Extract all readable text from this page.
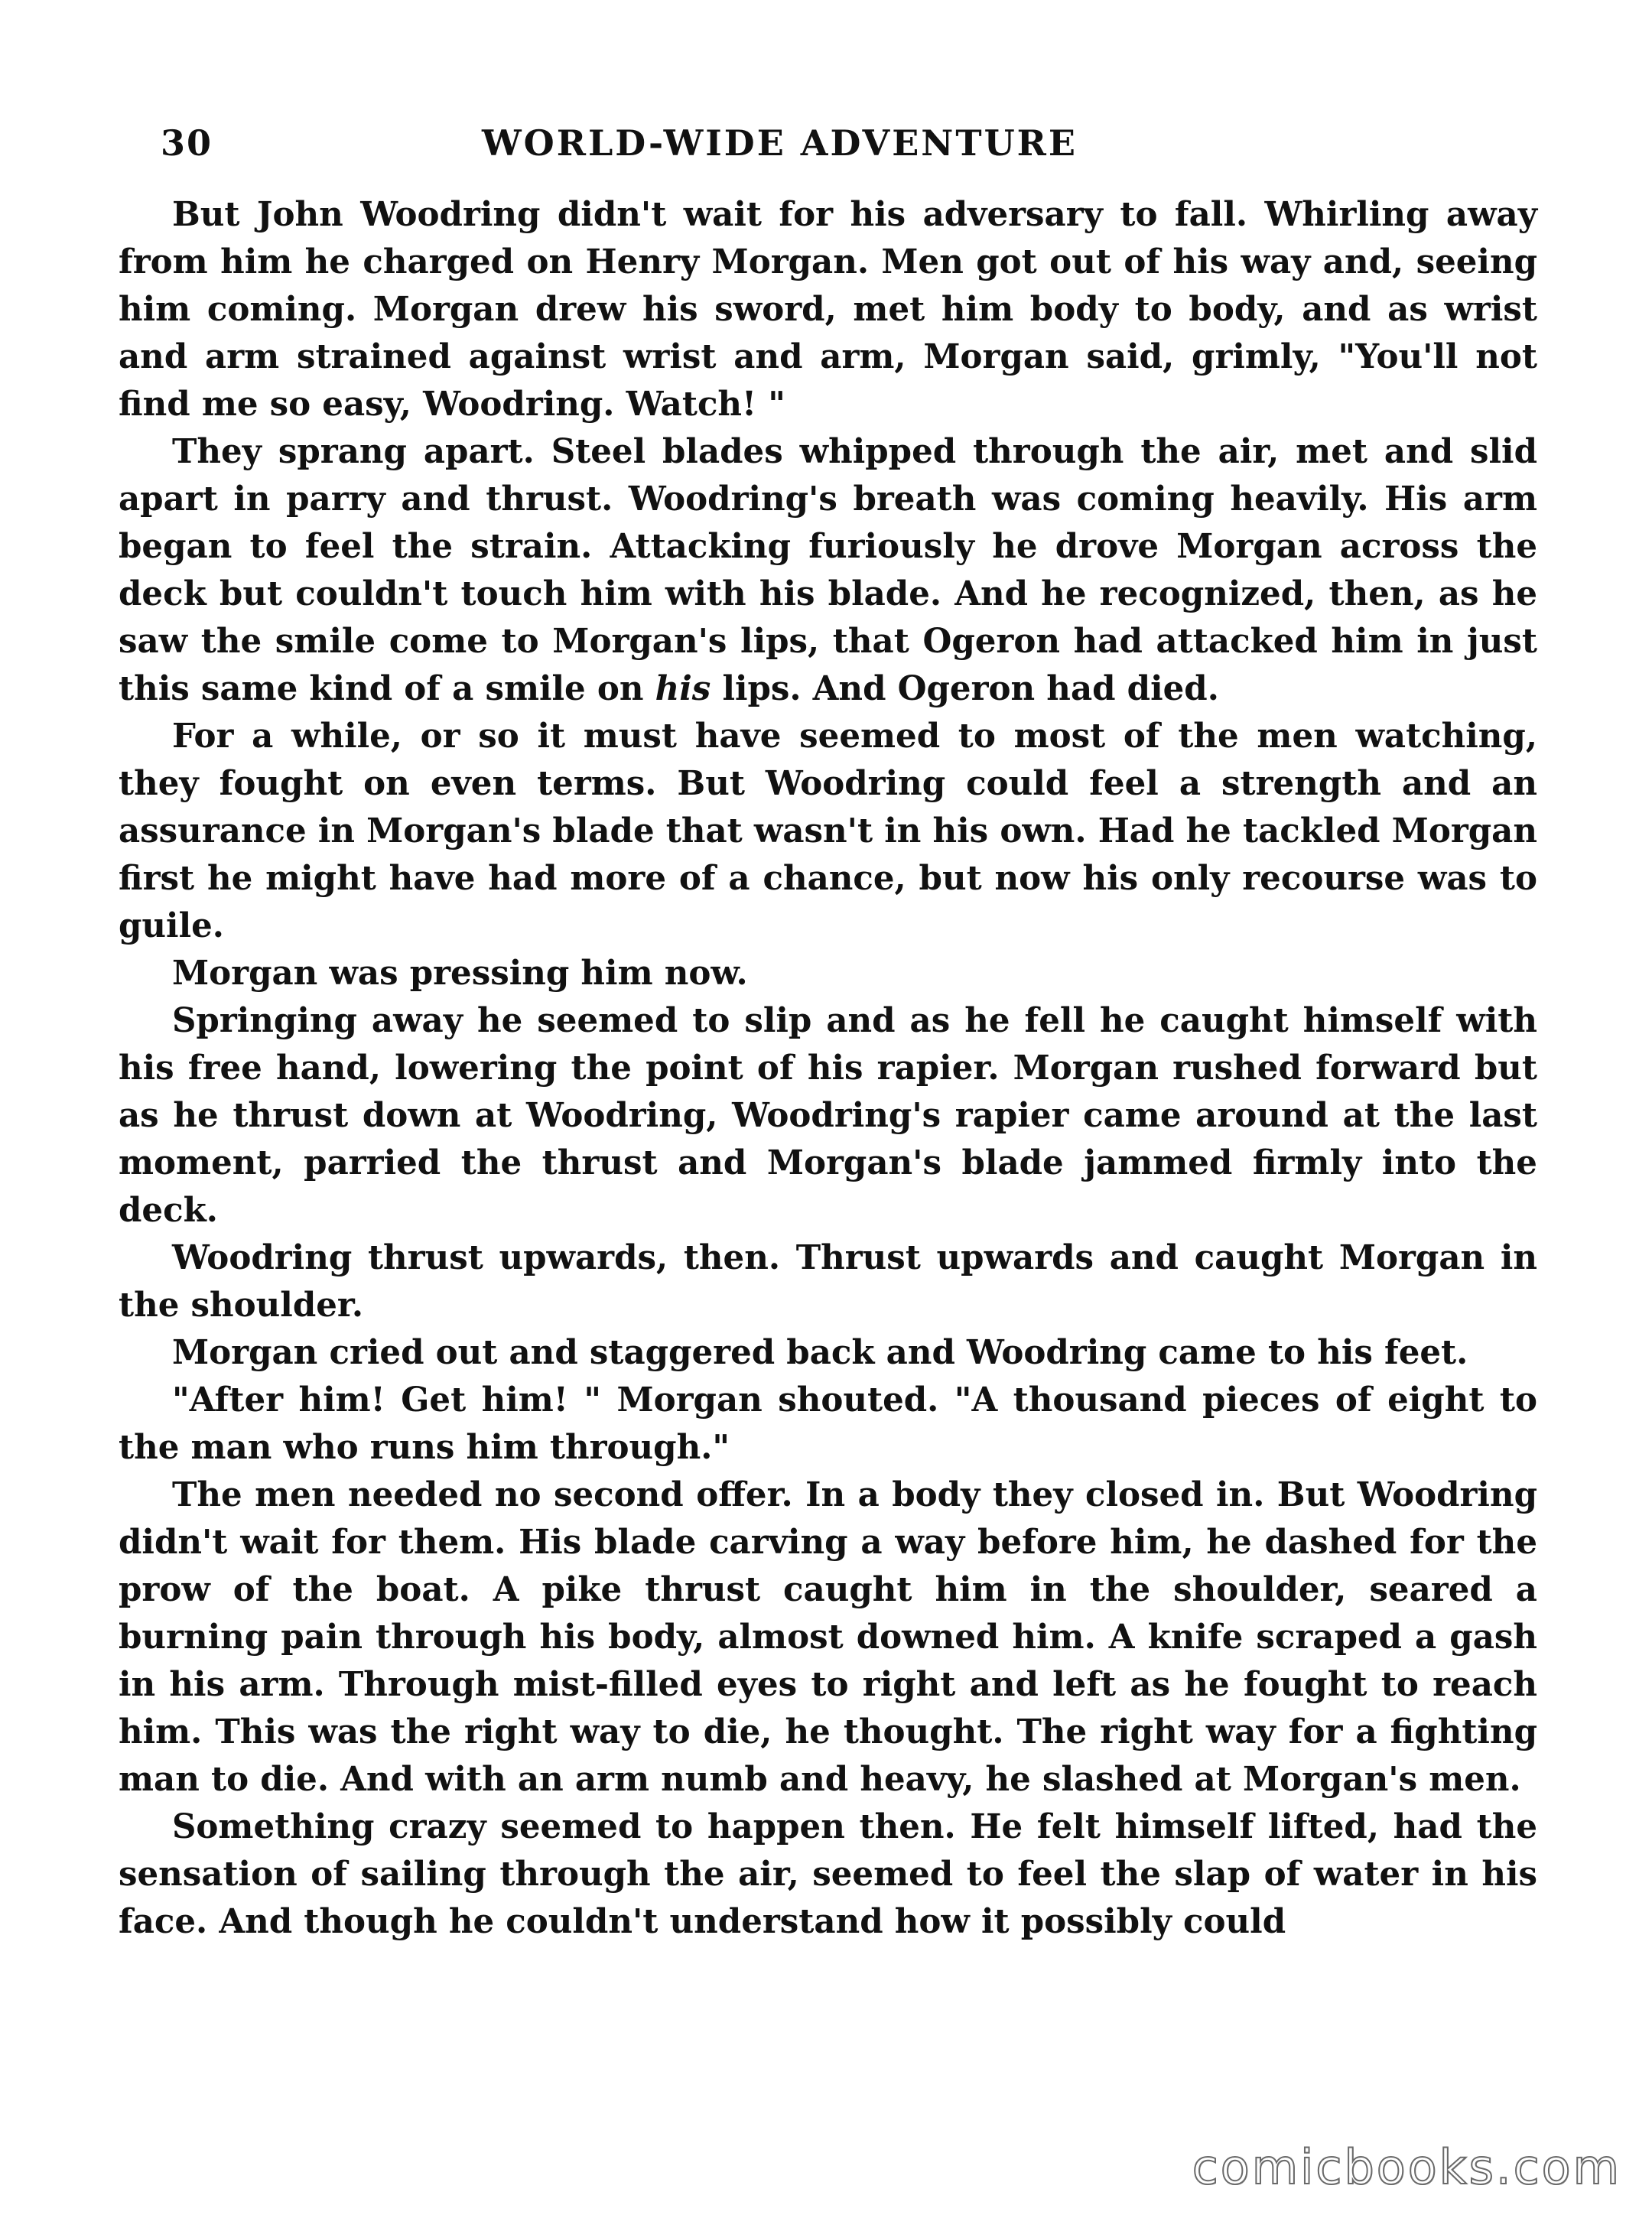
30	WORLD-WIDE ADVENTURE

But John Woodring didn't wait for his adversary to fall. Whirling away from him he charged on Henry Morgan. Men got out of his way and, seeing him coming. Morgan drew his sword, met him body to body, and as wrist and arm strained against wrist and arm, Morgan said, grimly, "You'll not find me so easy, Woodring. Watch! "

They sprang apart. Steel blades whipped through the air, met and slid apart in parry and thrust. Woodring's breath was coming heavily. His arm began to feel the strain. Attacking furiously he drove Morgan across the deck but couldn't touch him with his blade. And he recognized, then, as he saw the smile come to Morgan's lips, that Ogeron had attacked him in just this same kind of a smile on his lips. And Ogeron had died.

For a while, or so it must have seemed to most of the men watching, they fought on even terms. But Woodring could feel a strength and an assurance in Morgan's blade that wasn't in his own. Had he tackled Morgan first he might have had more of a chance, but now his only recourse was to guile.

Morgan was pressing him now.

Springing away he seemed to slip and as he fell he caught himself with his free hand, lowering the point of his rapier. Morgan rushed forward but as he thrust down at Woodring, Woodring's rapier came around at the last moment, parried the thrust and Morgan's blade jammed firmly into the deck.

Woodring thrust upwards, then. Thrust upwards and caught Morgan in the shoulder.

Morgan cried out and staggered back and Woodring came to his feet.

"After him! Get him! " Morgan shouted. "A thousand pieces of eight to the man who runs him through."

The men needed no second offer. In a body they closed in. But Woodring didn't wait for them. His blade carving a way before him, he dashed for the prow of the boat. A pike thrust caught him in the shoulder, seared a burning pain through his body, almost downed him. A knife scraped a gash in his arm. Through mist-filled eyes to right and left as he fought to reach him. This was the right way to die, he thought. The right way for a fighting man to die. And with an arm numb and heavy, he slashed at Morgan's men.

Something crazy seemed to happen then. He felt himself lifted, had the sensation of sailing through the air, seemed to feel the slap of water in his face. And though he couldn't understand how it possibly could

comicbooks.com
